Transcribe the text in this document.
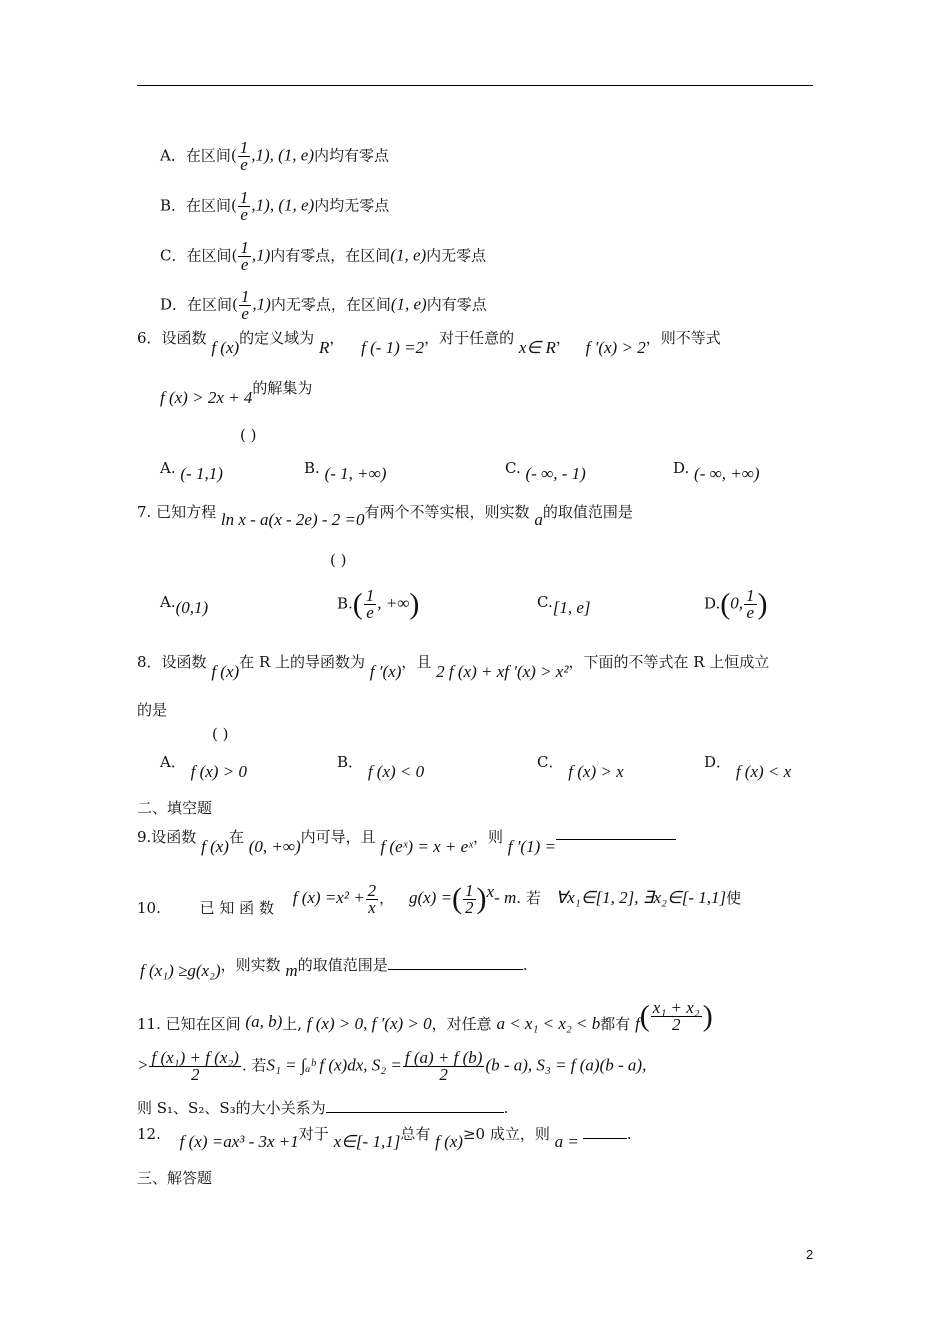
A．在区间( $\frac{1}{e} ,1$), (1, e)内均有零点
B．在区间( $\frac{1}{e} ,1$), (1, e)内均无零点
C．在区间( $\frac{1}{e} ,1$)内有零点，在区间(1, e)内无零点
D．在区间( $\frac{1}{e} ,1$)内无零点，在区间(1, e)内有零点
6．设函数 f (x)的定义域为 R， f (- 1) =2，对于任意的 x∈ R， f ′(x) > 2，则不等式
f (x) > 2x + 4的解集为
( )
A. (- 1,1)	B. (- 1, +∞)	C. (- ∞, - 1)	D. (- ∞, +∞)
7. 已知方程 ln x - a(x - 2e) - 2 =0有两个不等实根，则实数 a的取值范围是
( )
A.(0,1)	$B.( \frac{1}{e}$ , +∞)	C.[1, e]	D.(0, $\frac{1}{e}$ )
8．设函数 f (x)在 R 上的导函数为 f ′(x)，且 2 f (x) + xf ′(x) > x²，下面的不等式在 R 上恒成立
的是
( )
A． f (x) > 0	B． f (x) < 0	C． f (x) > x	D． f (x) < x
二、填空题
9.设函数 f (x)在 (0, +∞)内可导，且 f (eˣ) = x + eˣ，则 f ′(1) =
10.	已 知 函 数 f $(x) =x^2 + \frac{2}{x}$ ， g(x) =( $\frac{1}{2} )^x-$ m. 若 ∀x₁∈[1, 2], ∃x₂∈[- 1,1]使
f (x₁) ≥g(x₂)，则实数 m的取值范围是	.
11. 已知在区间 (a, b)上, f (x) > 0, f ′(x) > 0，对任意 a < x₁ < x₂ < b都有 $f( \frac{\text{x₁ + x₂}}{2}$ )
> $\frac{\text{f (x₁) + f (x₂)}}{2}$ . 若S₁ = ∫ₐᵇ f (x)dx, $S_2 = \frac{f (a) + f (b)}{2} (b - a)$, S₃ = f (a)(b - a),
则 S₁、S₂、S₃的大小关系为	.
12. f (x) =ax³ - 3x +1对于 x∈[- 1,1]总有 f (x)≥0 成立，则 a =	.
三、解答题
2
